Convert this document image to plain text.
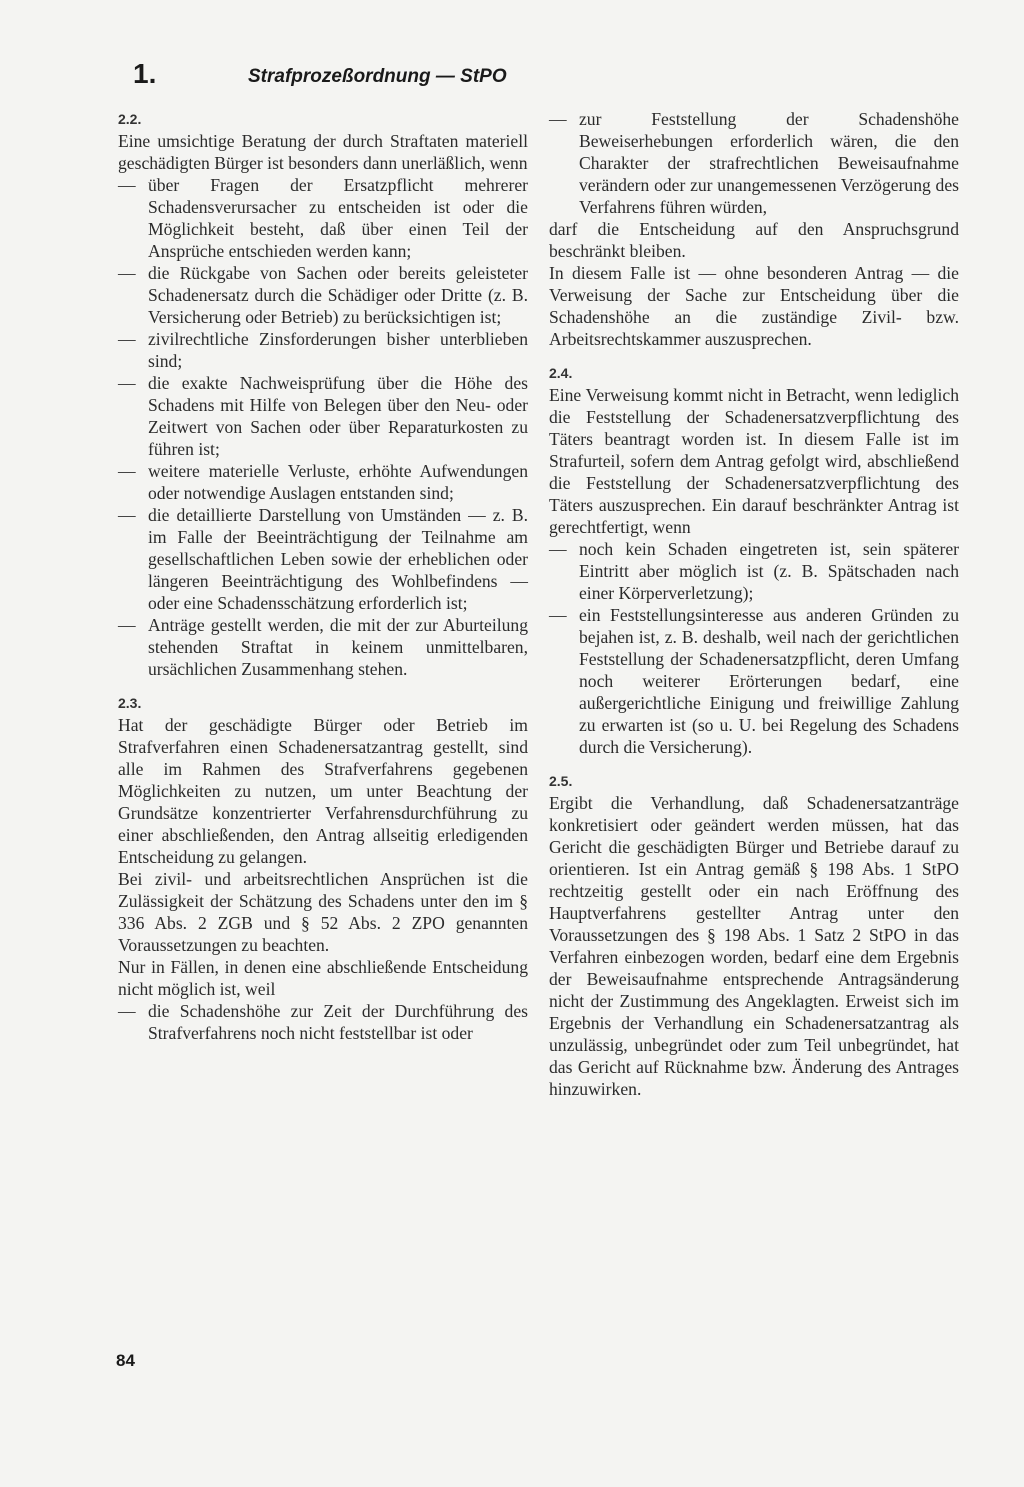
1.	Strafprozeßordnung — StPO
2.2.

Eine umsichtige Beratung der durch Straftaten materiell geschädigten Bürger ist besonders dann unerläßlich, wenn

— über Fragen der Ersatzpflicht mehrerer Schadensverursacher zu entscheiden ist oder die Möglichkeit besteht, daß über einen Teil der Ansprüche entschieden werden kann;
— die Rückgabe von Sachen oder bereits geleisteter Schadenersatz durch die Schädiger oder Dritte (z. B. Versicherung oder Betrieb) zu berücksichtigen ist;
— zivilrechtliche Zinsforderungen bisher unterblieben sind;
— die exakte Nachweisprüfung über die Höhe des Schadens mit Hilfe von Belegen über den Neu- oder Zeitwert von Sachen oder über Reparaturkosten zu führen ist;
— weitere materielle Verluste, erhöhte Aufwendungen oder notwendige Auslagen entstanden sind;
— die detaillierte Darstellung von Umständen — z. B. im Falle der Beeinträchtigung der Teilnahme am gesellschaftlichen Leben sowie der erheblichen oder längeren Beeinträchtigung des Wohlbefindens — oder eine Schadensschätzung erforderlich ist;
— Anträge gestellt werden, die mit der zur Aburteilung stehenden Straftat in keinem unmittelbaren, ursächlichen Zusammenhang stehen.
2.3.

Hat der geschädigte Bürger oder Betrieb im Strafverfahren einen Schadenersatzantrag gestellt, sind alle im Rahmen des Strafverfahrens gegebenen Möglichkeiten zu nutzen, um unter Beachtung der Grundsätze konzentrierter Verfahrensdurchführung zu einer abschließenden, den Antrag allseitig erledigenden Entscheidung zu gelangen.

Bei zivil- und arbeitsrechtlichen Ansprüchen ist die Zulässigkeit der Schätzung des Schadens unter den im § 336 Abs. 2 ZGB und § 52 Abs. 2 ZPO genannten Voraussetzungen zu beachten.

Nur in Fällen, in denen eine abschließende Entscheidung nicht möglich ist, weil

— die Schadenshöhe zur Zeit der Durchführung des Strafverfahrens noch nicht feststellbar ist oder
— zur Feststellung der Schadenshöhe Beweiserhebungen erforderlich wären, die den Charakter der strafrechtlichen Beweisaufnahme verändern oder zur unangemessenen Verzögerung des Verfahrens führen würden,

darf die Entscheidung auf den Anspruchsgrund beschränkt bleiben.

In diesem Falle ist — ohne besonderen Antrag — die Verweisung der Sache zur Entscheidung über die Schadenshöhe an die zuständige Zivil- bzw. Arbeitsrechtskammer auszusprechen.

2.4.

Eine Verweisung kommt nicht in Betracht, wenn lediglich die Feststellung der Schadenersatzverpflichtung des Täters beantragt worden ist. In diesem Falle ist im Strafurteil, sofern dem Antrag gefolgt wird, abschließend die Feststellung der Schadenersatzverpflichtung des Täters auszusprechen. Ein darauf beschränkter Antrag ist gerechtfertigt, wenn

— noch kein Schaden eingetreten ist, sein späterer Eintritt aber möglich ist (z. B. Spätschaden nach einer Körperverletzung);
— ein Feststellungsinteresse aus anderen Gründen zu bejahen ist, z. B. deshalb, weil nach der gerichtlichen Feststellung der Schadenersatzpflicht, deren Umfang noch weiterer Erörterungen bedarf, eine außergerichtliche Einigung und freiwillige Zahlung zu erwarten ist (so u. U. bei Regelung des Schadens durch die Versicherung).
2.5.

Ergibt die Verhandlung, daß Schadenersatzanträge konkretisiert oder geändert werden müssen, hat das Gericht die geschädigten Bürger und Betriebe darauf zu orientieren. Ist ein Antrag gemäß § 198 Abs. 1 StPO rechtzeitig gestellt oder ein nach Eröffnung des Hauptverfahrens gestellter Antrag unter den Voraussetzungen des § 198 Abs. 1 Satz 2 StPO in das Verfahren einbezogen worden, bedarf eine dem Ergebnis der Beweisaufnahme entsprechende Antragsänderung nicht der Zustimmung des Angeklagten. Erweist sich im Ergebnis der Verhandlung ein Schadenersatzantrag als unzulässig, unbegründet oder zum Teil unbegründet, hat das Gericht auf Rücknahme bzw. Änderung des Antrages hinzuwirken.

84
